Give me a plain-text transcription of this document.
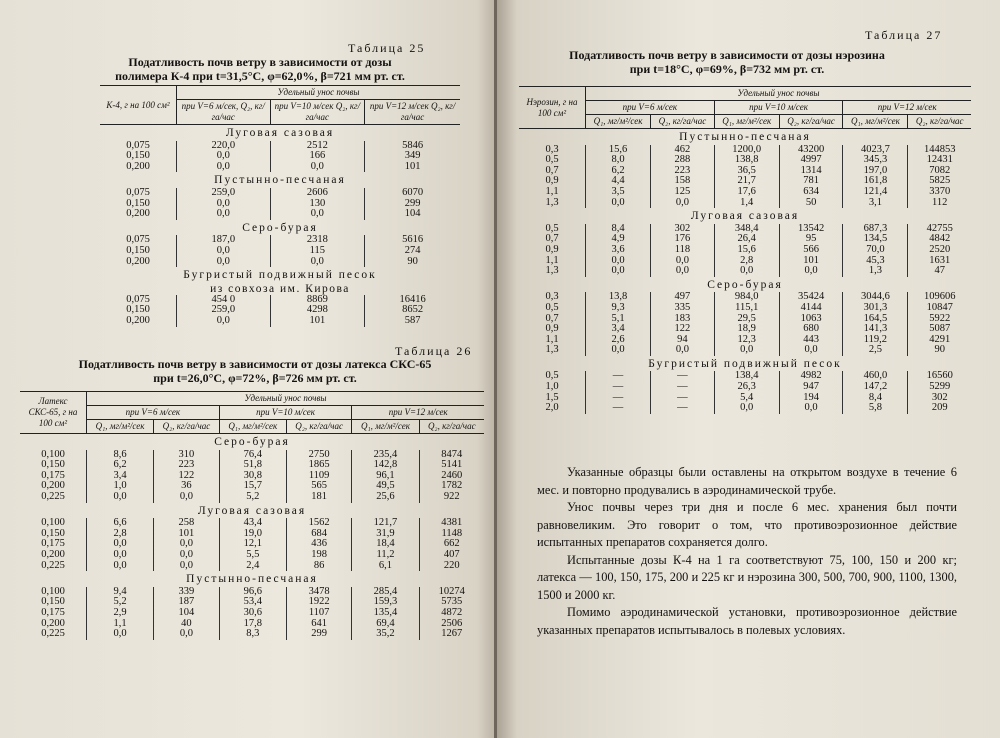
Таблица 25
Податливость почв ветру в зависимости от дозы
полимера К-4 при t=31,5°C, φ=62,0%, β=721 мм рт. ст.
К-4, г на 100 см²	Удельный унос почвы		
	при V=6 м/сек, Q₂, кг/га/час	при V=10 м/сек Q₂, кг/га/час	при V=12 м/сек Q₂, кг/га/час
Луговая сазовая			
0,075	220,0	2512	5846
0,150	0,0	166	349
0,200	0,0	0,0	101
Пустынно-песчаная			
0,075	259,0	2606	6070
0,150	0,0	130	299
0,200	0,0	0,0	104
Серо-бурая			
0,075	187,0	2318	5616
0,150	0,0	115	274
0,200	0,0	0,0	90
Бугристый подвижный песок			
из совхоза им. Кирова			
0,075	454 0	8869	16416
0,150	259,0	4298	8652
0,200	0,0	101	587
Таблица 26
Податливость почв ветру в зависимости от дозы латекса СКС-65
при t=26,0°C, φ=72%, β=726 мм рт. ст.
Латекс СКС-65, г на 100 см²	Удельный унос почвы					
	при V=6 м/сек		при V=10 м/сек		при V=12 м/сек	
	Q₁, мг/м²/сек	Q₂, кг/га/час	Q₁, мг/м²/сек	Q₂, кг/га/час	Q₁, мг/м²/сек	Q₂, кг/га/час
Серо-бурая						
0,100	8,6	310	76,4	2750	235,4	8474
0,150	6,2	223	51,8	1865	142,8	5141
0,175	3,4	122	30,8	1109	96,1	2460
0,200	1,0	36	15,7	565	49,5	1782
0,225	0,0	0,0	5,2	181	25,6	922
Луговая сазовая						
0,100	6,6	258	43,4	1562	121,7	4381
0,150	2,8	101	19,0	684	31,9	1148
0,175	0,0	0,0	12,1	436	18,4	662
0,200	0,0	0,0	5,5	198	11,2	407
0,225	0,0	0,0	2,4	86	6,1	220
Пустынно-песчаная						
0,100	9,4	339	96,6	3478	285,4	10274
0,150	5,2	187	53,4	1922	159,3	5735
0,175	2,9	104	30,6	1107	135,4	4872
0,200	1,1	40	17,8	641	69,4	2506
0,225	0,0	0,0	8,3	299	35,2	1267
Таблица 27
Податливость почв ветру в зависимости от дозы нэрозина
при t=18°C, φ=69%, β=732 мм рт. ст.
Нэрозин, г на 100 см²	Удельный унос почвы					
	при V=6 м/сек		при V=10 м/сек		при V=12 м/сек	
	Q₁, мг/м²/сек	Q₂, кг/га/час	Q₁, мг/м²/сек	Q₂, кг/га/час	Q₁, мг/м²/сек	Q₂, кг/га/час
Пустынно-песчаная						
0,3	15,6	462	1200,0	43200	4023,7	144853
0,5	8,0	288	138,8	4997	345,3	12431
0,7	6,2	223	36,5	1314	197,0	7082
0,9	4,4	158	21,7	781	161,8	5825
1,1	3,5	125	17,6	634	121,4	3370
1,3	0,0	0,0	1,4	50	3,1	112
Луговая сазовая						
0,5	8,4	302	348,4	13542	687,3	42755
0,7	4,9	176	26,4	95	134,5	4842
0,9	3,6	118	15,6	566	70,0	2520
1,1	0,0	0,0	2,8	101	45,3	1631
1,3	0,0	0,0	0,0	0,0	1,3	47
Серо-бурая						
0,3	13,8	497	984,0	35424	3044,6	109606
0,5	9,3	335	115,1	4144	301,3	10847
0,7	5,1	183	29,5	1063	164,5	5922
0,9	3,4	122	18,9	680	141,3	5087
1,1	2,6	94	12,3	443	119,2	4291
1,3	0,0	0,0	0,0	0,0	2,5	90
Бугристый подвижный песок						
0,5	—	—	138,4	4982	460,0	16560
1,0	—	—	26,3	947	147,2	5299
1,5	—	—	5,4	194	8,4	302
2,0	—	—	0,0	0,0	5,8	209

Указанные образцы были оставлены на открытом воздухе в течение 6 мес. и повторно продувались в аэродинамической трубе.

Унос почвы через три дня и после 6 мес. хранения был почти равновеликим. Это говорит о том, что противоэрозионное действие испытанных препаратов сохраняется долго.

Испытанные дозы К-4 на 1 га соответствуют 75, 100, 150 и 200 кг; латекса — 100, 150, 175, 200 и 225 кг и нэрозина 300, 500, 700, 900, 1100, 1300, 1500 и 2000 кг.

Помимо аэродинамической установки, противоэрозионное действие указанных препаратов испытывалось в полевых условиях.
